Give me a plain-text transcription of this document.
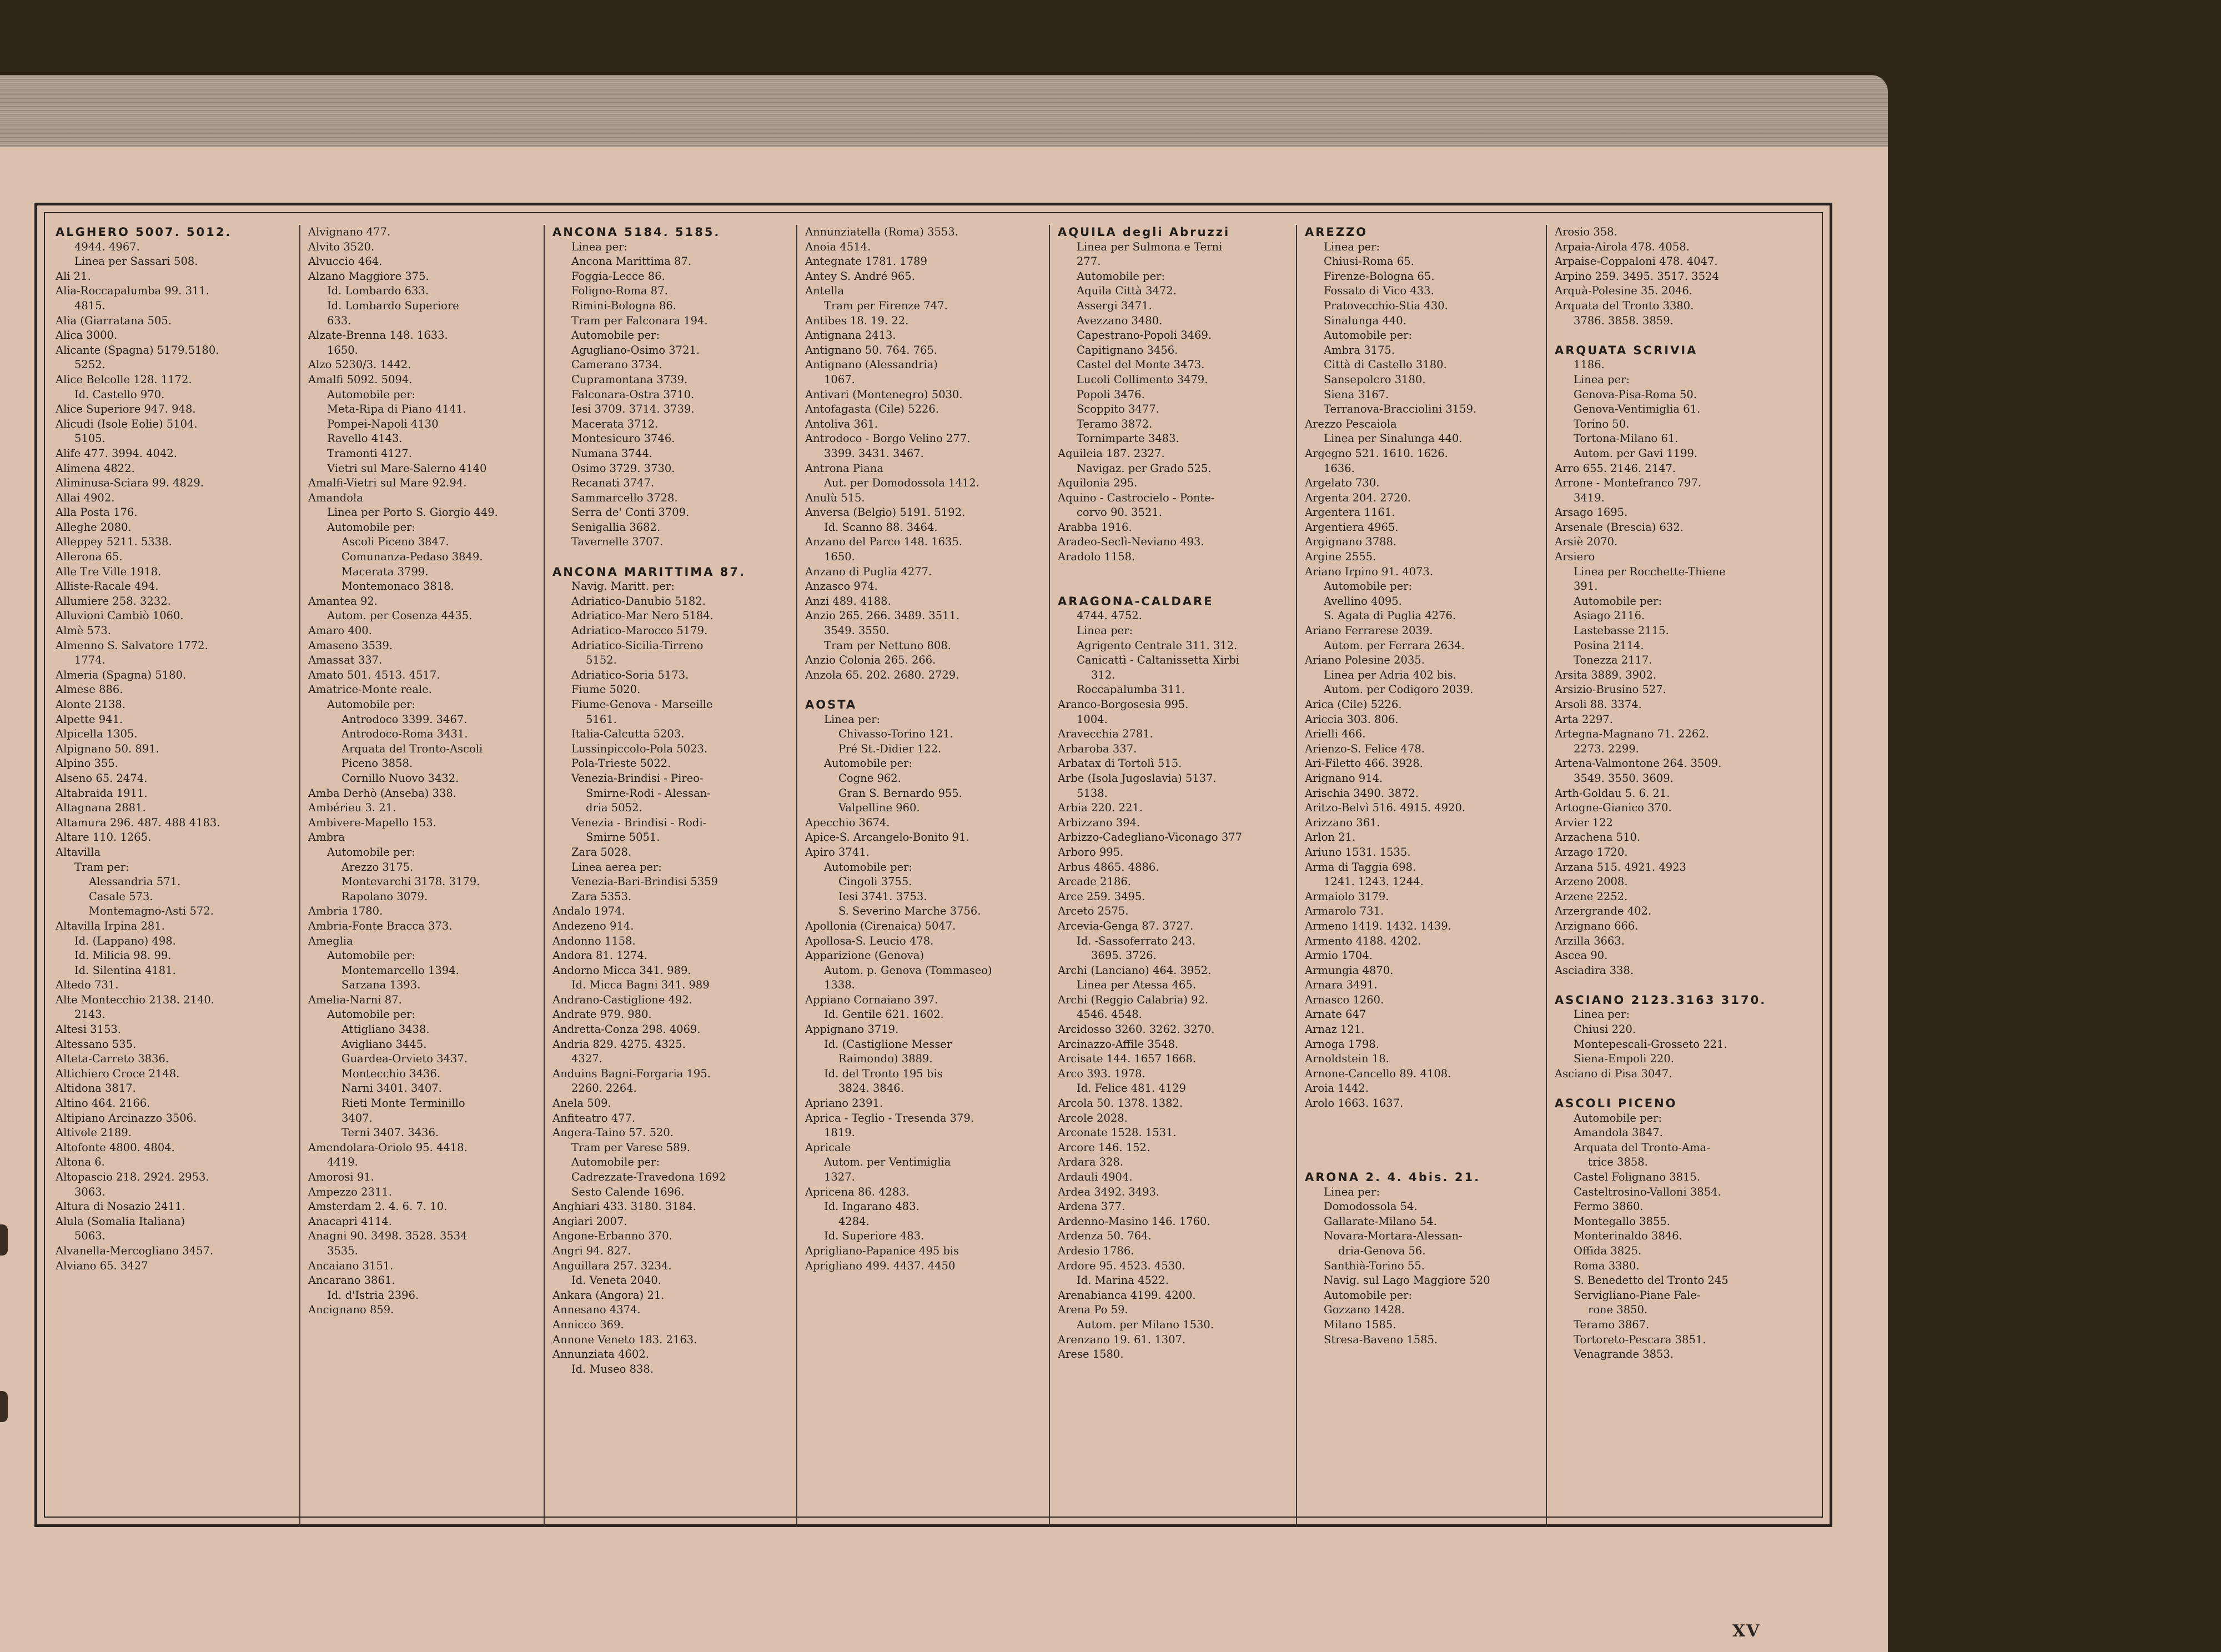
ALGHERO 5007. 5012.
4944. 4967.
Linea per Sassari 508.
Ali 21.
Alia-Roccapalumba 99. 311.
4815.
Alia (Giarratana 505.
Alica 3000.
Alicante (Spagna) 5179.5180.
5252.
Alice Belcolle 128. 1172.
Id. Castello 970.
Alice Superiore 947. 948.
Alicudi (Isole Eolie) 5104.
5105.
Alife 477. 3994. 4042.
Alimena 4822.
Aliminusa-Sciara 99. 4829.
Allai 4902.
Alla Posta 176.
Alleghe 2080.
Alleppey 5211. 5338.
Allerona 65.
Alle Tre Ville 1918.
Alliste-Racale 494.
Allumiere 258. 3232.
Alluvioni Cambiò 1060.
Almè 573.
Almenno S. Salvatore 1772.
1774.
Almeria (Spagna) 5180.
Almese 886.
Alonte 2138.
Alpette 941.
Alpicella 1305.
Alpignano 50. 891.
Alpino 355.
Alseno 65. 2474.
Altabraida 1911.
Altagnana 2881.
Altamura 296. 487. 488 4183.
Altare 110. 1265.
Altavilla
Tram per:
Alessandria 571.
Casale 573.
Montemagno-Asti 572.
Altavilla Irpina 281.
Id. (Lappano) 498.
Id. Milicia 98. 99.
Id. Silentina 4181.
Altedo 731.
Alte Montecchio 2138. 2140.
2143.
Altesi 3153.
Altessano 535.
Alteta-Carreto 3836.
Altichiero Croce 2148.
Altidona 3817.
Altino 464. 2166.
Altipiano Arcinazzo 3506.
Altivole 2189.
Altofonte 4800. 4804.
Altona 6.
Altopascio 218. 2924. 2953.
3063.
Altura di Nosazio 2411.
Alula (Somalia Italiana)
5063.
Alvanella-Mercogliano 3457.
Alviano 65. 3427
Alvignano 477.
Alvito 3520.
Alvuccio 464.
Alzano Maggiore 375.
Id. Lombardo 633.
Id. Lombardo Superiore
633.
Alzate-Brenna 148. 1633.
1650.
Alzo 5230/3. 1442.
Amalfi 5092. 5094.
Automobile per:
Meta-Ripa di Piano 4141.
Pompei-Napoli 4130
Ravello 4143.
Tramonti 4127.
Vietri sul Mare-Salerno 4140
Amalfi-Vietri sul Mare 92.94.
Amandola
Linea per Porto S. Giorgio 449.
Automobile per:
Ascoli Piceno 3847.
Comunanza-Pedaso 3849.
Macerata 3799.
Montemonaco 3818.
Amantea 92.
Autom. per Cosenza 4435.
Amaro 400.
Amaseno 3539.
Amassat 337.
Amato 501. 4513. 4517.
Amatrice-Monte reale.
Automobile per:
Antrodoco 3399. 3467.
Antrodoco-Roma 3431.
Arquata del Tronto-Ascoli
Piceno 3858.
Cornillo Nuovo 3432.
Amba Derhò (Anseba) 338.
Ambérieu 3. 21.
Ambivere-Mapello 153.
Ambra
Automobile per:
Arezzo 3175.
Montevarchi 3178. 3179.
Rapolano 3079.
Ambria 1780.
Ambria-Fonte Bracca 373.
Ameglia
Automobile per:
Montemarcello 1394.
Sarzana 1393.
Amelia-Narni 87.
Automobile per:
Attigliano 3438.
Avigliano 3445.
Guardea-Orvieto 3437.
Montecchio 3436.
Narni 3401. 3407.
Rieti Monte Terminillo
3407.
Terni 3407. 3436.
Amendolara-Oriolo 95. 4418.
4419.
Amorosi 91.
Ampezzo 2311.
Amsterdam 2. 4. 6. 7. 10.
Anacapri 4114.
Anagni 90. 3498. 3528. 3534
3535.
Ancaiano 3151.
Ancarano 3861.
Id. d'Istria 2396.
Ancignano 859.
ANCONA 5184. 5185.
Linea per:
Ancona Marittima 87.
Foggia-Lecce 86.
Foligno-Roma 87.
Rimini-Bologna 86.
Tram per Falconara 194.
Automobile per:
Agugliano-Osimo 3721.
Camerano 3734.
Cupramontana 3739.
Falconara-Ostra 3710.
Iesi 3709. 3714. 3739.
Macerata 3712.
Montesicuro 3746.
Numana 3744.
Osimo 3729. 3730.
Recanati 3747.
Sammarcello 3728.
Serra de' Conti 3709.
Senigallia 3682.
Tavernelle 3707.
ANCONA MARITTIMA 87.
Navig. Maritt. per:
Adriatico-Danubio 5182.
Adriatico-Mar Nero 5184.
Adriatico-Marocco 5179.
Adriatico-Sicilia-Tirreno
5152.
Adriatico-Soria 5173.
Fiume 5020.
Fiume-Genova - Marseille
5161.
Italia-Calcutta 5203.
Lussinpiccolo-Pola 5023.
Pola-Trieste 5022.
Venezia-Brindisi - Pireo-
Smirne-Rodi - Alessan-
dria 5052.
Venezia - Brindisi - Rodi-
Smirne 5051.
Zara 5028.
Linea aerea per:
Venezia-Bari-Brindisi 5359
Zara 5353.
Andalo 1974.
Andezeno 914.
Andonno 1158.
Andora 81. 1274.
Andorno Micca 341. 989.
Id. Micca Bagni 341. 989
Andrano-Castiglione 492.
Andrate 979. 980.
Andretta-Conza 298. 4069.
Andria 829. 4275. 4325.
4327.
Anduins Bagni-Forgaria 195.
2260. 2264.
Anela 509.
Anfiteatro 477.
Angera-Taino 57. 520.
Tram per Varese 589.
Automobile per:
Cadrezzate-Travedona 1692
Sesto Calende 1696.
Anghiari 433. 3180. 3184.
Angiari 2007.
Angone-Erbanno 370.
Angri 94. 827.
Anguillara 257. 3234.
Id. Veneta 2040.
Ankara (Angora) 21.
Annesano 4374.
Annicco 369.
Annone Veneto 183. 2163.
Annunziata 4602.
Id. Museo 838.
Annunziatella (Roma) 3553.
Anoia 4514.
Antegnate 1781. 1789
Antey S. André 965.
Antella
Tram per Firenze 747.
Antibes 18. 19. 22.
Antignana 2413.
Antignano 50. 764. 765.
Antignano (Alessandria)
1067.
Antivari (Montenegro) 5030.
Antofagasta (Cile) 5226.
Antoliva 361.
Antrodoco - Borgo Velino 277.
3399. 3431. 3467.
Antrona Piana
Aut. per Domodossola 1412.
Anulù 515.
Anversa (Belgio) 5191. 5192.
Id. Scanno 88. 3464.
Anzano del Parco 148. 1635.
1650.
Anzano di Puglia 4277.
Anzasco 974.
Anzi 489. 4188.
Anzio 265. 266. 3489. 3511.
3549. 3550.
Tram per Nettuno 808.
Anzio Colonia 265. 266.
Anzola 65. 202. 2680. 2729.
AOSTA
Linea per:
Chivasso-Torino 121.
Pré St.-Didier 122.
Automobile per:
Cogne 962.
Gran S. Bernardo 955.
Valpelline 960.
Apecchio 3674.
Apice-S. Arcangelo-Bonito 91.
Apiro 3741.
Automobile per:
Cingoli 3755.
Iesi 3741. 3753.
S. Severino Marche 3756.
Apollonia (Cirenaica) 5047.
Apollosa-S. Leucio 478.
Apparizione (Genova)
Autom. p. Genova (Tommaseo)
1338.
Appiano Cornaiano 397.
Id. Gentile 621. 1602.
Appignano 3719.
Id. (Castiglione Messer
Raimondo) 3889.
Id. del Tronto 195 bis
3824. 3846.
Apriano 2391.
Aprica - Teglio - Tresenda 379.
1819.
Apricale
Autom. per Ventimiglia
1327.
Apricena 86. 4283.
Id. Ingarano 483.
4284.
Id. Superiore 483.
Aprigliano-Papanice 495 bis
Aprigliano 499. 4437. 4450
AQUILA degli Abruzzi
Linea per Sulmona e Terni
277.
Automobile per:
Aquila Città 3472.
Assergi 3471.
Avezzano 3480.
Capestrano-Popoli 3469.
Capitignano 3456.
Castel del Monte 3473.
Lucoli Collimento 3479.
Popoli 3476.
Scoppito 3477.
Teramo 3872.
Tornimparte 3483.
Aquileia 187. 2327.
Navigaz. per Grado 525.
Aquilonia 295.
Aquino - Castrocielo - Ponte-
corvo 90. 3521.
Arabba 1916.
Aradeo-Seclì-Neviano 493.
Aradolo 1158.
ARAGONA-CALDARE
4744. 4752.
Linea per:
Agrigento Centrale 311. 312.
Canicattì - Caltanissetta Xirbi
312.
Roccapalumba 311.
Aranco-Borgosesia 995.
1004.
Aravecchia 2781.
Arbaroba 337.
Arbatax di Tortolì 515.
Arbe (Isola Jugoslavia) 5137.
5138.
Arbia 220. 221.
Arbizzano 394.
Arbizzo-Cadegliano-Viconago 377
Arboro 995.
Arbus 4865. 4886.
Arcade 2186.
Arce 259. 3495.
Arceto 2575.
Arcevia-Genga 87. 3727.
Id. -Sassoferrato 243.
3695. 3726.
Archi (Lanciano) 464. 3952.
Linea per Atessa 465.
Archi (Reggio Calabria) 92.
4546. 4548.
Arcidosso 3260. 3262. 3270.
Arcinazzo-Affile 3548.
Arcisate 144. 1657 1668.
Arco 393. 1978.
Id. Felice 481. 4129
Arcola 50. 1378. 1382.
Arcole 2028.
Arconate 1528. 1531.
Arcore 146. 152.
Ardara 328.
Ardauli 4904.
Ardea 3492. 3493.
Ardena 377.
Ardenno-Masino 146. 1760.
Ardenza 50. 764.
Ardesio 1786.
Ardore 95. 4523. 4530.
Id. Marina 4522.
Arenabianca 4199. 4200.
Arena Po 59.
Autom. per Milano 1530.
Arenzano 19. 61. 1307.
Arese 1580.
AREZZO
Linea per:
Chiusi-Roma 65.
Firenze-Bologna 65.
Fossato di Vico 433.
Pratovecchio-Stia 430.
Sinalunga 440.
Automobile per:
Ambra 3175.
Città di Castello 3180.
Sansepolcro 3180.
Siena 3167.
Terranova-Bracciolini 3159.
Arezzo Pescaiola
Linea per Sinalunga 440.
Argegno 521. 1610. 1626.
1636.
Argelato 730.
Argenta 204. 2720.
Argentera 1161.
Argentiera 4965.
Argignano 3788.
Argine 2555.
Ariano Irpino 91. 4073.
Automobile per:
Avellino 4095.
S. Agata di Puglia 4276.
Ariano Ferrarese 2039.
Autom. per Ferrara 2634.
Ariano Polesine 2035.
Linea per Adria 402 bis.
Autom. per Codigoro 2039.
Arica (Cile) 5226.
Ariccia 303. 806.
Arielli 466.
Arienzo-S. Felice 478.
Ari-Filetto 466. 3928.
Arignano 914.
Arischia 3490. 3872.
Aritzo-Belvì 516. 4915. 4920.
Arizzano 361.
Arlon 21.
Ariuno 1531. 1535.
Arma di Taggia 698.
1241. 1243. 1244.
Armaiolo 3179.
Armarolo 731.
Armeno 1419. 1432. 1439.
Armento 4188. 4202.
Armio 1704.
Armungia 4870.
Arnara 3491.
Arnasco 1260.
Arnate 647
Arnaz 121.
Arnoga 1798.
Arnoldstein 18.
Arnone-Cancello 89. 4108.
Aroia 1442.
Arolo 1663. 1637.
ARONA 2. 4. 4bis. 21.
Linea per:
Domodossola 54.
Gallarate-Milano 54.
Novara-Mortara-Alessan-
dria-Genova 56.
Santhià-Torino 55.
Navig. sul Lago Maggiore 520
Automobile per:
Gozzano 1428.
Milano 1585.
Stresa-Baveno 1585.
Arosio 358.
Arpaia-Airola 478. 4058.
Arpaise-Coppaloni 478. 4047.
Arpino 259. 3495. 3517. 3524
Arquà-Polesine 35. 2046.
Arquata del Tronto 3380.
3786. 3858. 3859.
ARQUATA SCRIVIA
1186.
Linea per:
Genova-Pisa-Roma 50.
Genova-Ventimiglia 61.
Torino 50.
Tortona-Milano 61.
Autom. per Gavi 1199.
Arro 655. 2146. 2147.
Arrone - Montefranco 797.
3419.
Arsago 1695.
Arsenale (Brescia) 632.
Arsiè 2070.
Arsiero
Linea per Rocchette-Thiene
391.
Automobile per:
Asiago 2116.
Lastebasse 2115.
Posina 2114.
Tonezza 2117.
Arsita 3889. 3902.
Arsizio-Brusino 527.
Arsoli 88. 3374.
Arta 2297.
Artegna-Magnano 71. 2262.
2273. 2299.
Artena-Valmontone 264. 3509.
3549. 3550. 3609.
Arth-Goldau 5. 6. 21.
Artogne-Gianico 370.
Arvier 122
Arzachena 510.
Arzago 1720.
Arzana 515. 4921. 4923
Arzeno 2008.
Arzene 2252.
Arzergrande 402.
Arzignano 666.
Arzilla 3663.
Ascea 90.
Asciadira 338.
ASCIANO 2123.3163 3170.
Linea per:
Chiusi 220.
Montepescali-Grosseto 221.
Siena-Empoli 220.
Asciano di Pisa 3047.
ASCOLI PICENO
Automobile per:
Amandola 3847.
Arquata del Tronto-Ama-
trice 3858.
Castel Folignano 3815.
Casteltrosino-Valloni 3854.
Fermo 3860.
Montegallo 3855.
Monterinaldo 3846.
Offida 3825.
Roma 3380.
S. Benedetto del Tronto 245
Servigliano-Piane Fale-
rone 3850.
Teramo 3867.
Tortoreto-Pescara 3851.
Venagrande 3853.
XV
